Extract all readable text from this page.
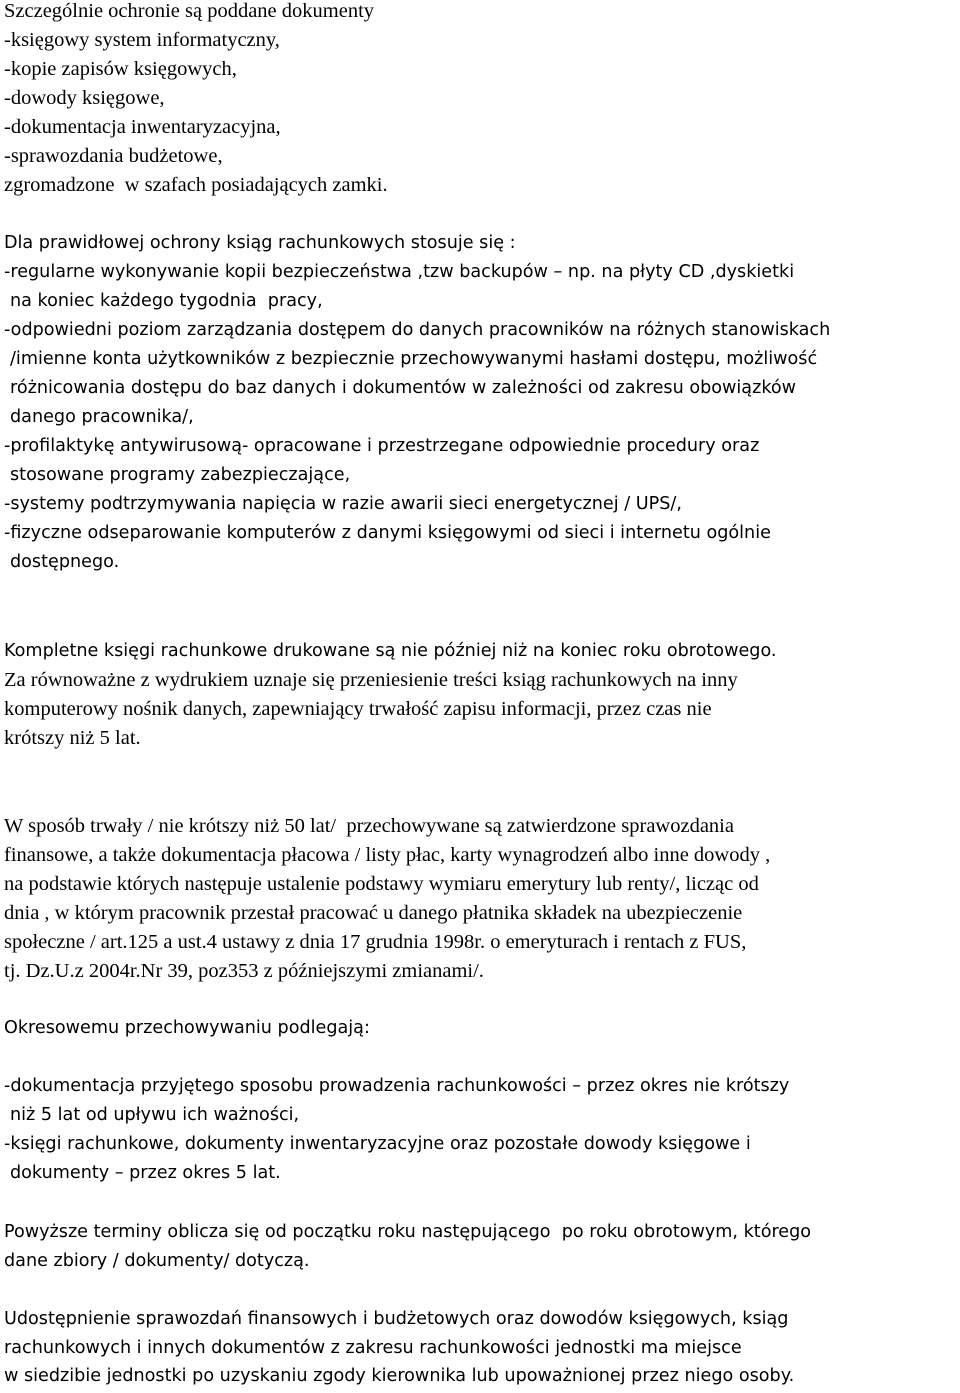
Szczególnie ochronie są poddane dokumenty
-księgowy system informatyczny,
-kopie zapisów księgowych,
-dowody księgowe,
-dokumentacja inwentaryzacyjna,
-sprawozdania budżetowe,
zgromadzone  w szafach posiadających zamki.
Dla prawidłowej ochrony ksiąg rachunkowych stosuje się :
-regularne wykonywanie kopii bezpieczeństwa ,tzw backupów – np. na płyty CD ,dyskietki
na koniec każdego tygodnia  pracy,
-odpowiedni poziom zarządzania dostępem do danych pracowników na różnych stanowiskach
/imienne konta użytkowników z bezpiecznie przechowywanymi hasłami dostępu, możliwość
różnicowania dostępu do baz danych i dokumentów w zależności od zakresu obowiązków
danego pracownika/,
-profilaktykę antywirusową- opracowane i przestrzegane odpowiednie procedury oraz
stosowane programy zabezpieczające,
-systemy podtrzymywania napięcia w razie awarii sieci energetycznej / UPS/,
-fizyczne odseparowanie komputerów z danymi księgowymi od sieci i internetu ogólnie
dostępnego.
Kompletne księgi rachunkowe drukowane są nie później niż na koniec roku obrotowego.
Za równoważne z wydrukiem uznaje się przeniesienie treści ksiąg rachunkowych na inny
komputerowy nośnik danych, zapewniający trwałość zapisu informacji, przez czas nie
krótszy niż 5 lat.
W sposób trwały / nie krótszy niż 50 lat/  przechowywane są zatwierdzone sprawozdania
finansowe, a także dokumentacja płacowa / listy płac, karty wynagrodzeń albo inne dowody ,
na podstawie których następuje ustalenie podstawy wymiaru emerytury lub renty/, licząc od
dnia , w którym pracownik przestał pracować u danego płatnika składek na ubezpieczenie
społeczne / art.125 a ust.4 ustawy z dnia 17 grudnia 1998r. o emeryturach i rentach z FUS,
tj. Dz.U.z 2004r.Nr 39, poz353 z późniejszymi zmianami/.
Okresowemu przechowywaniu podlegają:
-dokumentacja przyjętego sposobu prowadzenia rachunkowości – przez okres nie krótszy
niż 5 lat od upływu ich ważności,
-księgi rachunkowe, dokumenty inwentaryzacyjne oraz pozostałe dowody księgowe i
dokumenty – przez okres 5 lat.
Powyższe terminy oblicza się od początku roku następującego  po roku obrotowym, którego
dane zbiory / dokumenty/ dotyczą.
Udostępnienie sprawozdań finansowych i budżetowych oraz dowodów księgowych, ksiąg
rachunkowych i innych dokumentów z zakresu rachunkowości jednostki ma miejsce
w siedzibie jednostki po uzyskaniu zgody kierownika lub upoważnionej przez niego osoby.
